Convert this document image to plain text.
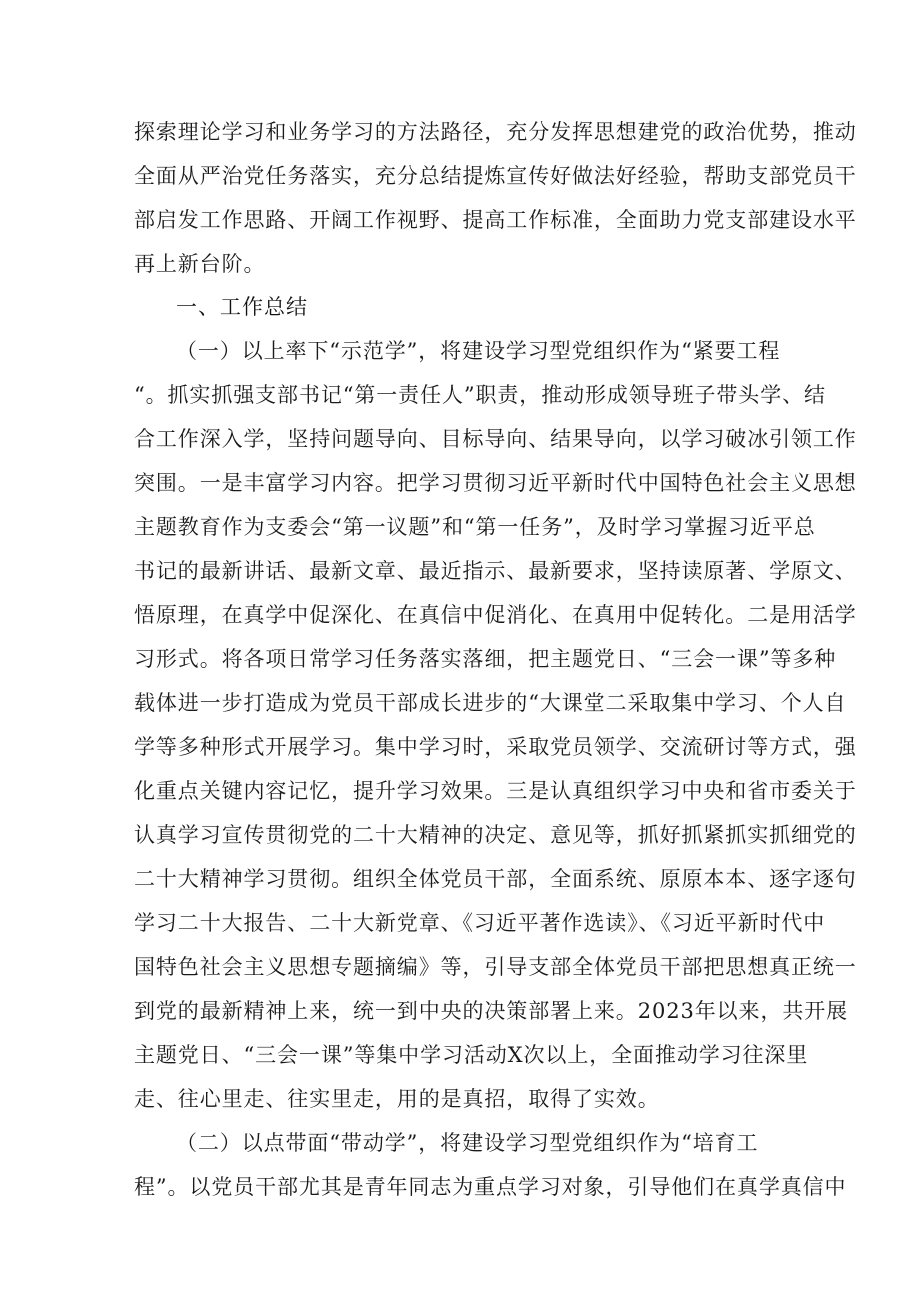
探索理论学习和业务学习的方法路径，充分发挥思想建党的政治优势，推动
全面从严治党任务落实，充分总结提炼宣传好做法好经验，帮助支部党员干
部启发工作思路、开阔工作视野、提高工作标准，全面助力党支部建设水平
再上新台阶。
一、工作总结
（一）以上率下“示范学”，将建设学习型党组织作为“紧要工程
“。抓实抓强支部书记“第一责任人”职责，推动形成领导班子带头学、结
合工作深入学，坚持问题导向、目标导向、结果导向，以学习破冰引领工作
突围。一是丰富学习内容。把学习贯彻习近平新时代中国特色社会主义思想
主题教育作为支委会“第一议题”和“第一任务”，及时学习掌握习近平总
书记的最新讲话、最新文章、最近指示、最新要求，坚持读原著、学原文、
悟原理，在真学中促深化、在真信中促消化、在真用中促转化。二是用活学
习形式。将各项日常学习任务落实落细，把主题党日、“三会一课”等多种
载体进一步打造成为党员干部成长进步的“大课堂二采取集中学习、个人自
学等多种形式开展学习。集中学习时，采取党员领学、交流研讨等方式，强
化重点关键内容记忆，提升学习效果。三是认真组织学习中央和省市委关于
认真学习宣传贯彻党的二十大精神的决定、意见等，抓好抓紧抓实抓细党的
二十大精神学习贯彻。组织全体党员干部，全面系统、原原本本、逐字逐句
学习二十大报告、二十大新党章、《习近平著作选读》、《习近平新时代中
国特色社会主义思想专题摘编》等，引导支部全体党员干部把思想真正统一
到党的最新精神上来，统一到中央的决策部署上来。2023年以来，共开展
主题党日、“三会一课”等集中学习活动X次以上，全面推动学习往深里
走、往心里走、往实里走，用的是真招，取得了实效。
（二）以点带面“带动学”，将建设学习型党组织作为“培育工
程”。以党员干部尤其是青年同志为重点学习对象，引导他们在真学真信中
